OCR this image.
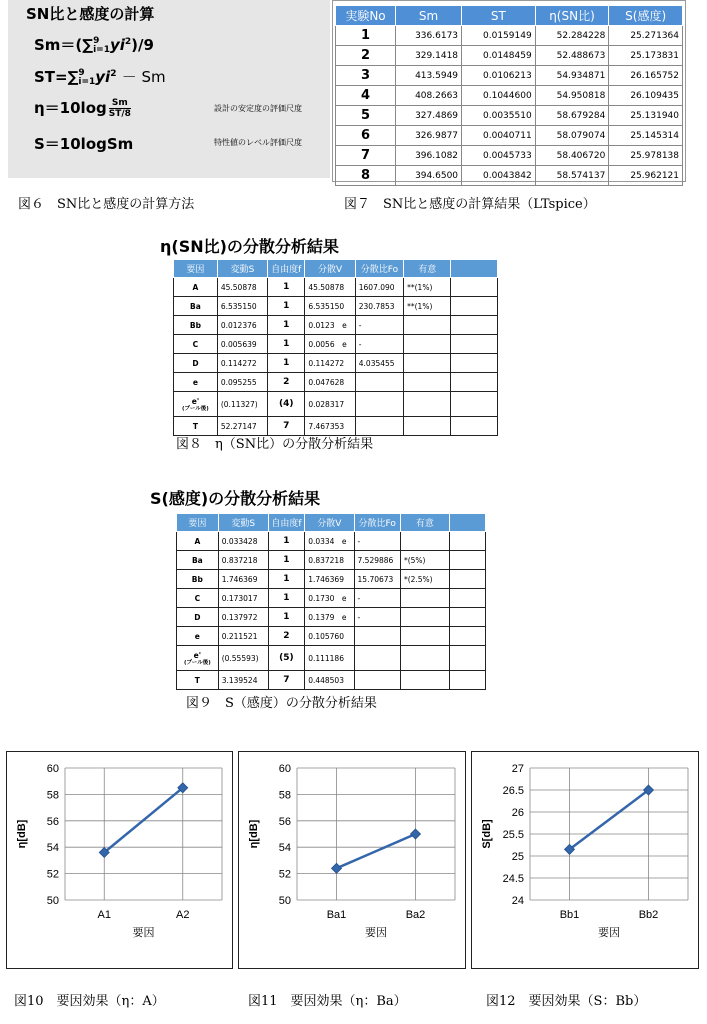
SN比と感度の計算
Sm＝(∑ 9
i=1 $yi^2)/9$
ST=∑ 9
i=1 $yi^2 - Sm$
$\eta=10\log \frac{Sm}{ST/8}$	設計の安定度の評価尺度
S＝10logSm	特性値のレベル評価尺度
図６　SN比と感度の計算方法
実験No	Sm	ST	η(SN比)	S(感度)
1	336.6173	0.0159149	52.284228	25.271364
2	329.1418	0.0148459	52.488673	25.173831
3	413.5949	0.0106213	54.934871	26.165752
4	408.2663	0.1044600	54.950818	26.109435
5	327.4869	0.0035510	58.679284	25.131940
6	326.9877	0.0040711	58.079074	25.145314
7	396.1082	0.0045733	58.406720	25.978138
8	394.6500	0.0043842	58.574137	25.962121
図７　SN比と感度の計算結果（LTspice）
η(SN比)の分散分析結果
要因	変動S	自由度f	分散V	分散比Fo	有意	
A	45.50878	1	45.50878	1607.090	**(1%)	
Ba	6.535150	1	6.535150	230.7853	**(1%)	
Bb	0.012376	1	0.0123　e	-		
C	0.005639	1	0.0056　e	-		
D	0.114272	1	0.114272	4.035455		
e	0.095255	2	0.047628			

e'
(プール後)	(0.11327)	(4)	0.028317			
T	52.27147	7	7.467353			
図８　η（SN比）の分散分析結果
S(感度)の分散分析結果
要因	変動S	自由度f	分散V	分散比Fo	有意	
A	0.033428	1	0.0334　e	-		
Ba	0.837218	1	0.837218	7.529886	*(5%)	
Bb	1.746369	1	1.746369	15.70673	*(2.5%)	
C	0.173017	1	0.1730　e	-		
D	0.137972	1	0.1379　e	-		
e	0.211521	2	0.105760			

e'
(プール後)	(0.55593)	(5)	0.111186			
T	3.139524	7	0.448503			
図９　S（感度）の分散分析結果
50
52
54
56
58
60
A1	A2
要因
η[dB]
50
52
54
56
58
60
Ba1	Ba2
要因
η[dB]
24
24.5
25
25.5
26
26.5
27
Bb1	Bb2
要因
S[dB]
図10　要因効果（η：A）	図11　要因効果（η：Ba）	図12　要因効果（S：Bb）
